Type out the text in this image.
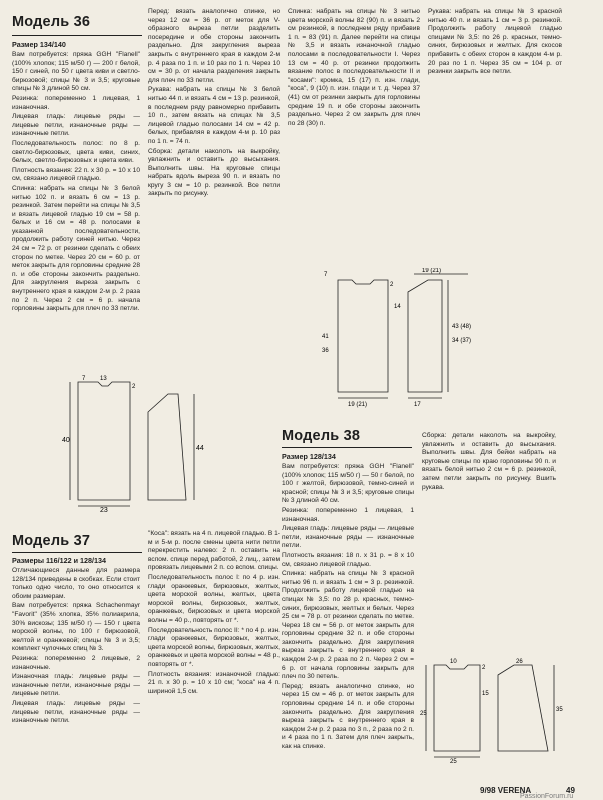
Модель 36
Размер 134/140

Вам потребуется: пряжа GGH "Flanell" (100% хлопок; 115 м/50 г) — 200 г белой, 150 г синей, по 50 г цвета киви и светло-бирюзовой; спицы № 3 и 3,5; круговые спицы № 3 длиной 50 см.

Резинка: попеременно 1 лицевая, 1 изнаночная.

Лицевая гладь: лицевые ряды — лицевые петли, изнаночные ряды — изнаночные петли.

Последовательность полос: по 8 р. светло-бирюзовых, цвета киви, синих, белых, светло-бирюзовых и цвета киви.

Плотность вязания: 22 п. x 30 р. = 10 x 10 см, связано лицевой гладью.

Спинка: набрать на спицы № 3 белой нитью 102 п. и вязать 6 см = 13 р. резинкой. Затем перейти на спицы № 3,5 и вязать лицевой гладью 19 см = 58 р. белых и 16 см = 48 р. полосами в указанной последовательности, продолжить работу синей нитью. Через 24 см = 72 р. от резинки сделать с обеих сторон по метке. Через 20 см = 60 р. от меток закрыть для горловины средние 28 п. и обе стороны закончить раздельно. Для закругления выреза закрыть с внутреннего края в каждом 2-м р. 2 раза по 2 п. Через 2 см = 6 р. начала горловины закрыть для плеч по 33 петли.

Перед: вязать аналогично спинке, но через 12 см = 36 р. от меток для V-образного выреза петли разделить посередине и обе стороны закончить раздельно. Для закругления выреза закрыть с внутреннего края в каждом 2-м р. 4 раза по 1 п. и 10 раз по 1 п. Через 10 см = 30 р. от начала разделения закрыть для плеч по 33 петли.

Рукава: набрать на спицы № 3 белой нитью 44 п. и вязать 4 см = 13 р. резинкой, в последнем ряду равномерно прибавить 10 п., затем вязать на спицах № 3,5 лицевой гладью полосами 14 см = 42 р. белых, прибавляя в каждом 4-м р. 10 раз по 1 п. = 74 п.

Сборка: детали наколоть на выкройку, увлажнить и оставить до высыхания. Выполнить швы. На круговые спицы набрать вдоль выреза 90 п. и вязать по кругу 3 см = 10 р. резинкой. Все петли закрыть по рисунку.

40
44
23
13
7
2

Спинка: набрать на спицы № 3 нитью цвета морской волны 82 (90) п. и вязать 2 см резинкой, в последнем ряду прибавив 1 п. = 83 (91) п. Далее перейти на спицы № 3,5 и вязать изнаночной гладью полосами в последовательности I. Через 13 см = 40 р. от резинки продолжить вязание полос в последовательности II и "косами": кромка, 15 (17) п. изн. глади, "коса", 9 (10) п. изн. глади и т. д. Через 37 (41) см от резинки закрыть для горловины средние 19 п. и обе стороны закончить раздельно. Через 2 см закрыть для плеч по 28 (30) п.

Рукава: набрать на спицы № 3 красной нитью 40 п. и вязать 1 см = 3 р. резинкой. Продолжить работу лицевой гладью спицами № 3,5: по 26 р. красных, темно-синих, бирюзовых и желтых. Для скосов прибавить с обеих сторон в каждом 4-м р. 20 раз по 1 п. Через 35 см = 104 р. от резинки закрыть все петли.

7
19 (21)
19 (21)
41
36
43 (48)
34 (37)
17
14
2
Модель 37
Размеры 116/122 и 128/134

Отличающиеся данные для размера 128/134 приведены в скобках. Если стоит только одно число, то оно относится к обоим размерам.

Вам потребуется: пряжа Schachenmayr "Favorit" (35% хлопка, 35% полиакрила, 30% вискозы; 135 м/50 г) — 150 г цвета морской волны, по 100 г бирюзовой, желтой и оранжевой; спицы № 3 и 3,5; комплект чулочных спиц № 3.

Резинка: попеременно 2 лицевые, 2 изнаночные.

Изнаночная гладь: лицевые ряды — изнаночные петли, изнаночные ряды — лицевые петли.

Лицевая гладь: лицевые ряды — лицевые петли, изнаночные ряды — изнаночные петли.

"Коса": вязать на 4 п. лицевой гладью. В 1-м и 5-м р. после смены цвета нити петли перекрестить налево: 2 п. оставить на вспом. спице перед работой, 2 лиц., затем провязать лицевыми 2 п. со вспом. спицы.

Последовательность полос I: по 4 р. изн. глади оранжевых, бирюзовых, желтых, цвета морской волны, желтых, цвета морской волны, бирюзовых, желтых, оранжевых, бирюзовых и цвета морской волны = 40 р., повторять от *.

Последовательность полос II: * по 4 р. изн. глади оранжевых, бирюзовых, желтых, цвета морской волны, бирюзовых, желтых, оранжевых и цвета морской волны = 48 р., повторять от *.

Плотность вязания: изнаночной гладью: 21 п. x 30 р. = 10 x 10 см; "коса" на 4 п. шириной 1,5 см.

Модель 38
Размер 128/134

Вам потребуется: пряжа GGH "Flanell" (100% хлопок; 115 м/50 г) — 50 г белой, по 100 г желтой, бирюзовой, темно-синей и красной; спицы № 3 и 3,5; круговые спицы № 3 длиной 40 см.

Резинка: попеременно 1 лицевая, 1 изнаночная.

Лицевая гладь: лицевые ряды — лицевые петли, изнаночные ряды — изнаночные петли.

Плотность вязания: 18 п. x 31 р. = 8 x 10 см, связано лицевой гладью.

Спинка: набрать на спицы № 3 красной нитью 96 п. и вязать 1 см = 3 р. резинкой. Продолжить работу лицевой гладью на спицах № 3,5: по 28 р. красных, темно-синих, бирюзовых, желтых и белых. Через 25 см = 78 р. от резинки сделать по метке. Через 18 см = 56 р. от меток закрыть для горловины средние 32 п. и обе стороны закончить раздельно. Для закругления выреза закрыть с внутреннего края в каждом 2-м р. 2 раза по 2 п. Через 2 см = 6 р. от начала горловины закрыть для плеч по 30 петель.

Перед: вязать аналогично спинке, но через 15 см = 46 р. от меток закрыть для горловины средние 14 п. и обе стороны закончить раздельно. Для закругления выреза закрыть с внутреннего края в каждом 2-м р. 2 раза по 3 п., 2 раза по 2 п. и 4 раза по 1 п. Затем для плеч закрыть, как на спинке.

Сборка: детали наколоть на выкройку, увлажнить и оставить до высыхания. Выполнить швы. Для бейки набрать на круговые спицы по краю горловины 90 п. и вязать белой нитью 2 см = 6 р. резинкой, затем петли закрыть по рисунку. Вшить рукава.

2
15
10	26
25
35
25
9/98 VERENA	49
PassionForum.ru
